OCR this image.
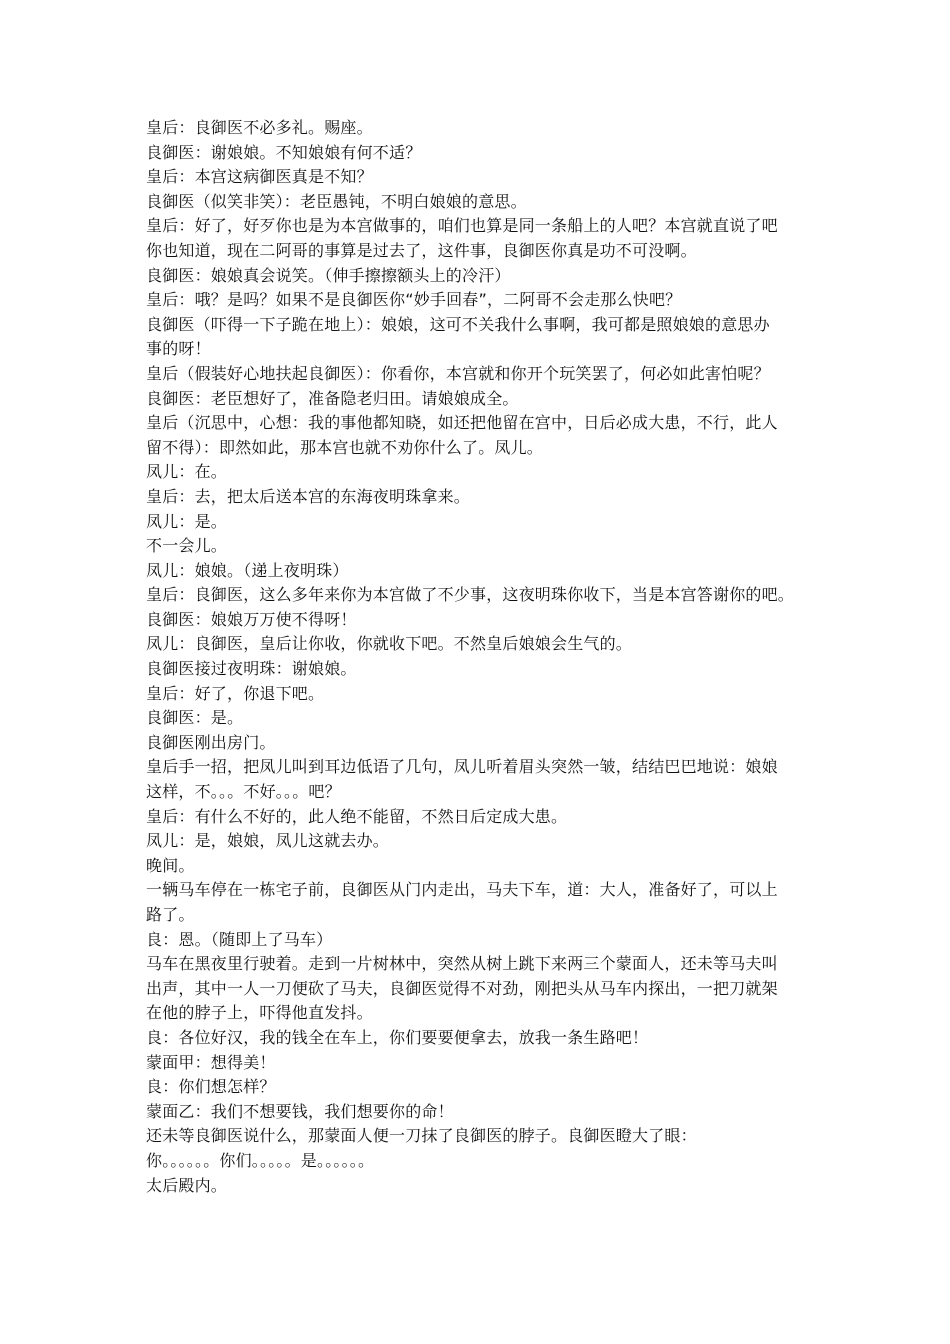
皇后：良御医不必多礼。赐座。
良御医：谢娘娘。不知娘娘有何不适？
皇后：本宫这病御医真是不知？
良御医（似笑非笑）：老臣愚钝，不明白娘娘的意思。
皇后：好了，好歹你也是为本宫做事的，咱们也算是同一条船上的人吧？本宫就直说了吧
你也知道，现在二阿哥的事算是过去了，这件事，良御医你真是功不可没啊。
良御医：娘娘真会说笑。（伸手擦擦额头上的冷汗）
皇后：哦？是吗？如果不是良御医你“妙手回春”，二阿哥不会走那么快吧？
良御医（吓得一下子跪在地上）：娘娘，这可不关我什么事啊，我可都是照娘娘的意思办
事的呀！
皇后（假装好心地扶起良御医）：你看你，本宫就和你开个玩笑罢了，何必如此害怕呢？
良御医：老臣想好了，准备隐老归田。请娘娘成全。
皇后（沉思中，心想：我的事他都知晓，如还把他留在宫中，日后必成大患，不行，此人
留不得）：即然如此，那本宫也就不劝你什么了。凤儿。
凤儿：在。
皇后：去，把太后送本宫的东海夜明珠拿来。
凤儿：是。
不一会儿。
凤儿：娘娘。（递上夜明珠）
皇后：良御医，这么多年来你为本宫做了不少事，这夜明珠你收下，当是本宫答谢你的吧。
良御医：娘娘万万使不得呀！
凤儿：良御医，皇后让你收，你就收下吧。不然皇后娘娘会生气的。
良御医接过夜明珠：谢娘娘。
皇后：好了，你退下吧。
良御医：是。
良御医刚出房门。
皇后手一招，把凤儿叫到耳边低语了几句，凤儿听着眉头突然一皱，结结巴巴地说：娘娘
这样，不。。。不好。。。吧？
皇后：有什么不好的，此人绝不能留，不然日后定成大患。
凤儿：是，娘娘，凤儿这就去办。
晚间。
一辆马车停在一栋宅子前，良御医从门内走出，马夫下车，道：大人，准备好了，可以上
路了。
良：恩。（随即上了马车）
马车在黑夜里行驶着。走到一片树林中，突然从树上跳下来两三个蒙面人，还未等马夫叫
出声，其中一人一刀便砍了马夫，良御医觉得不对劲，刚把头从马车内探出，一把刀就架
在他的脖子上，吓得他直发抖。
良：各位好汉，我的钱全在车上，你们要要便拿去，放我一条生路吧！
蒙面甲：想得美！
良：你们想怎样？
蒙面乙：我们不想要钱，我们想要你的命！
还未等良御医说什么，那蒙面人便一刀抹了良御医的脖子。良御医瞪大了眼：
你。。。。。。你们。。。。。是。。。。。。
太后殿内。
